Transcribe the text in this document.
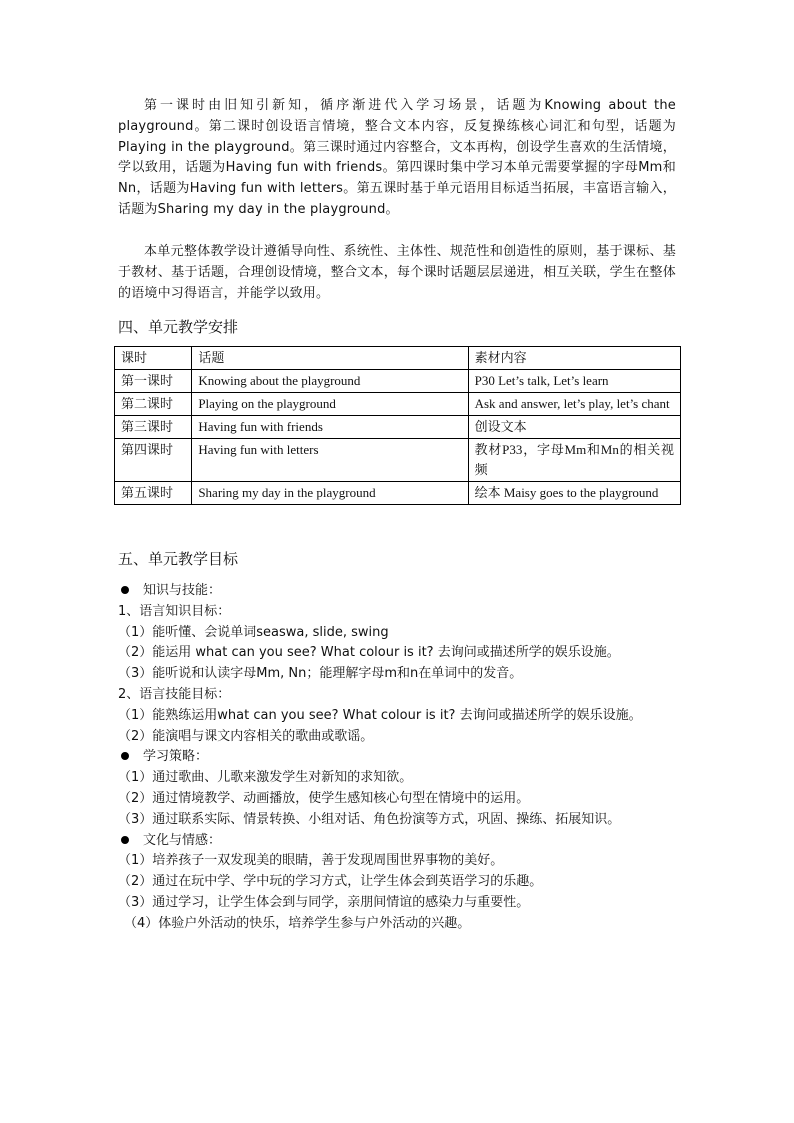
第一课时由旧知引新知，循序渐进代入学习场景，话题为Knowing about the playground。第二课时创设语言情境，整合文本内容，反复操练核心词汇和句型，话题为Playing in the playground。第三课时通过内容整合，文本再构，创设学生喜欢的生活情境，学以致用，话题为Having fun with friends。第四课时集中学习本单元需要掌握的字母Mm和Nn，话题为Having fun with letters。第五课时基于单元语用目标适当拓展，丰富语言输入，话题为Sharing my day in the playground。

本单元整体教学设计遵循导向性、系统性、主体性、规范性和创造性的原则，基于课标、基于教材、基于话题，合理创设情境，整合文本，每个课时话题层层递进，相互关联，学生在整体的语境中习得语言，并能学以致用。

四、单元教学安排
课时	话题	素材内容
第一课时	Knowing about the playground	P30 Let’s talk, Let’s learn
第二课时	Playing on the playground	Ask and answer, let’s play, let’s chant
第三课时	Having fun with friends	创设文本
第四课时	Having fun with letters	教材P33，字母Mm和Mn的相关视频
第五课时	Sharing my day in the playground	绘本 Maisy goes to the playground
五、单元教学目标

知识与技能：

1、语言知识目标：

（1）能听懂、会说单词seaswa, slide, swing

（2）能运用 what can you see? What colour is it? 去询问或描述所学的娱乐设施。

（3）能听说和认读字母Mm, Nn；能理解字母m和n在单词中的发音。

2、语言技能目标：

（1）能熟练运用what can you see? What colour is it? 去询问或描述所学的娱乐设施。

（2）能演唱与课文内容相关的歌曲或歌谣。

学习策略：

（1）通过歌曲、儿歌来激发学生对新知的求知欲。

（2）通过情境教学、动画播放，使学生感知核心句型在情境中的运用。

（3）通过联系实际、情景转换、小组对话、角色扮演等方式，巩固、操练、拓展知识。

文化与情感：

（1）培养孩子一双发现美的眼睛，善于发现周围世界事物的美好。

（2）通过在玩中学、学中玩的学习方式，让学生体会到英语学习的乐趣。

（3）通过学习，让学生体会到与同学，亲朋间情谊的感染力与重要性。

（4）体验户外活动的快乐，培养学生参与户外活动的兴趣。
